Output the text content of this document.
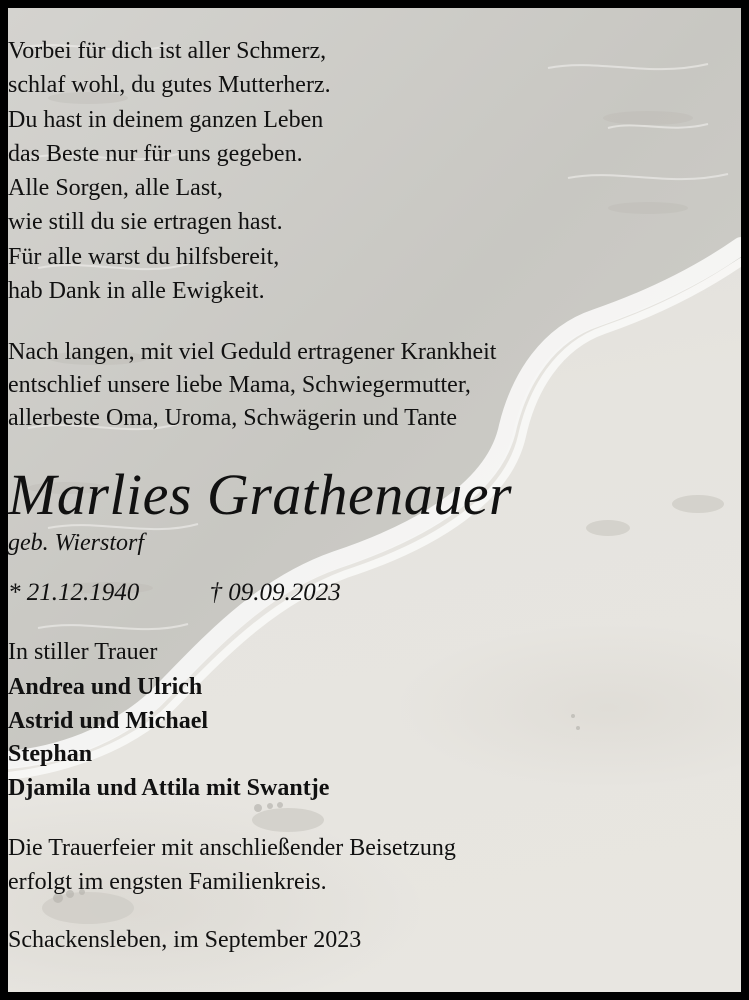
Vorbei für dich ist aller Schmerz,
schlaf wohl, du gutes Mutterherz.
Du hast in deinem ganzen Leben
das Beste nur für uns gegeben.
Alle Sorgen, alle Last,
wie still du sie ertragen hast.
Für alle warst du hilfsbereit,
hab Dank in alle Ewigkeit.
Nach langen, mit viel Geduld ertragener Krankheit
entschlief unsere liebe Mama, Schwiegermutter,
allerbeste Oma, Uroma, Schwägerin und Tante
Marlies Grathenauer
geb. Wierstorf
* 21.12.1940	† 09.09.2023
In stiller Trauer
Andrea und Ulrich
Astrid und Michael
Stephan
Djamila und Attila mit Swantje
Die Trauerfeier mit anschließender Beisetzung
erfolgt im engsten Familienkreis.
Schackensleben, im September 2023
